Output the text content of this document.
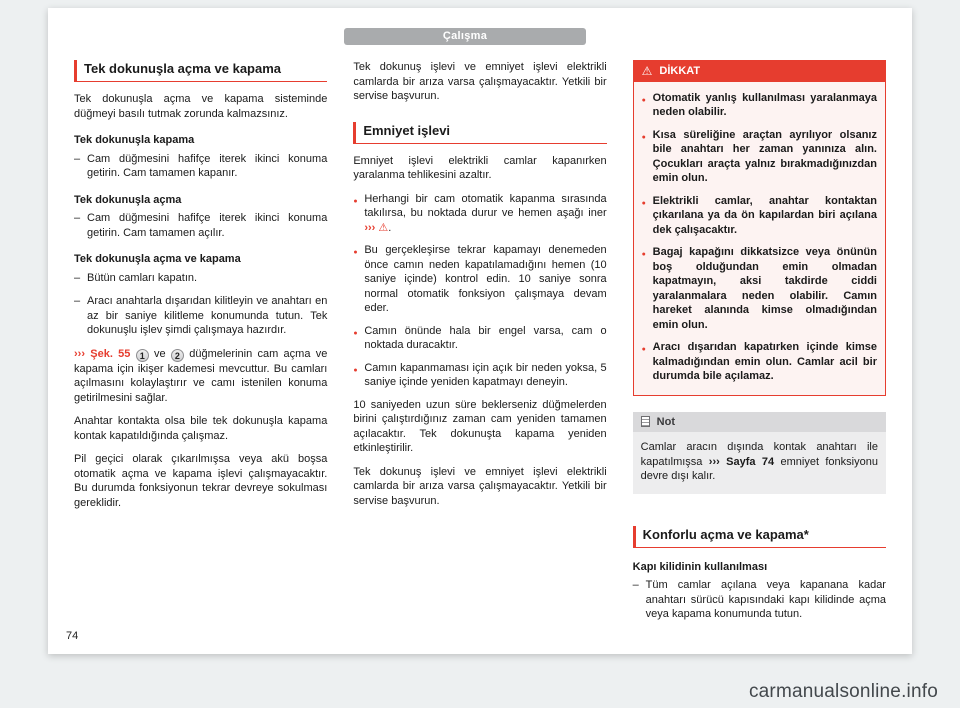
Çalışma
Tek dokunuşla açma ve kapama

Tek dokunuşla açma ve kapama sisteminde düğmeyi basılı tutmak zorunda kalmazsınız.

Tek dokunuşla kapama

– Cam düğmesini hafifçe iterek ikinci konuma getirin. Cam tamamen kapanır.

Tek dokunuşla açma

– Cam düğmesini hafifçe iterek ikinci konuma getirin. Cam tamamen açılır.

Tek dokunuşla açma ve kapama

– Bütün camları kapatın.

– Aracı anahtarla dışarıdan kilitleyin ve anahtarı en az bir saniye kilitleme konumunda tutun. Tek dokunuşlu işlev şimdi çalışmaya hazırdır.

››› Şek. 55 1 ve 2 düğmelerinin cam açma ve kapama için ikişer kademesi mevcuttur. Bu camları açılmasını kolaylaştırır ve camı istenilen konuma getirilmesini sağlar.

Anahtar kontakta olsa bile tek dokunuşla kapama kontak kapatıldığında çalışmaz.

Pil geçici olarak çıkarılmışsa veya akü boşsa otomatik açma ve kapama işlevi çalışmayacaktır. Bu durumda fonksiyonun tekrar devreye sokulması gereklidir.

Tek dokunuş işlevi ve emniyet işlevi elektrikli camlarda bir arıza varsa çalışmayacaktır. Yetkili bir servise başvurun.

Emniyet işlevi

Emniyet işlevi elektrikli camlar kapanırken yaralanma tehlikesini azaltır.

● Herhangi bir cam otomatik kapanma sırasında takılırsa, bu noktada durur ve hemen aşağı iner ››› ⚠.

● Bu gerçekleşirse tekrar kapamayı denemeden önce camın neden kapatılamadığını hemen (10 saniye içinde) kontrol edin. 10 saniye sonra normal otomatik fonksiyon çalışmaya devam eder.

● Camın önünde hala bir engel varsa, cam o noktada duracaktır.

● Camın kapanmaması için açık bir neden yoksa, 5 saniye içinde yeniden kapatmayı deneyin.

10 saniyeden uzun süre beklerseniz düğmelerden birini çalıştırdığınız zaman cam yeniden tamamen açılacaktır. Tek dokunuşta kapama yeniden etkinleştirilir.

Tek dokunuş işlevi ve emniyet işlevi elektrikli camlarda bir arıza varsa çalışmayacaktır. Yetkili bir servise başvurun.

⚠ DİKKAT

● Otomatik yanlış kullanılması yaralanmaya neden olabilir.

● Kısa süreliğine araçtan ayrılıyor olsanız bile anahtarı her zaman yanınıza alın. Çocukları araçta yalnız bırakmadığınızdan emin olun.

● Elektrikli camlar, anahtar kontaktan çıkarılana ya da ön kapılardan biri açılana dek çalışacaktır.

● Bagaj kapağını dikkatsizce veya önünün boş olduğundan emin olmadan kapatmayın, aksi takdirde ciddi yaralanmalara neden olabilir. Camın hareket alanında kimse olmadığından emin olun.

● Aracı dışarıdan kapatırken içinde kimse kalmadığından emin olun. Camlar acil bir durumda bile açılamaz.

Not
Camlar aracın dışında kontak anahtarı ile kapatılmışsa ››› Sayfa 74 emniyet fonksiyonu devre dışı kalır.
Konforlu açma ve kapama*

Kapı kilidinin kullanılması

– Tüm camlar açılana veya kapanana kadar anahtarı sürücü kapısındaki kapı kilidinde açma veya kapama konumunda tutun.

74
carmanualsonline.info
